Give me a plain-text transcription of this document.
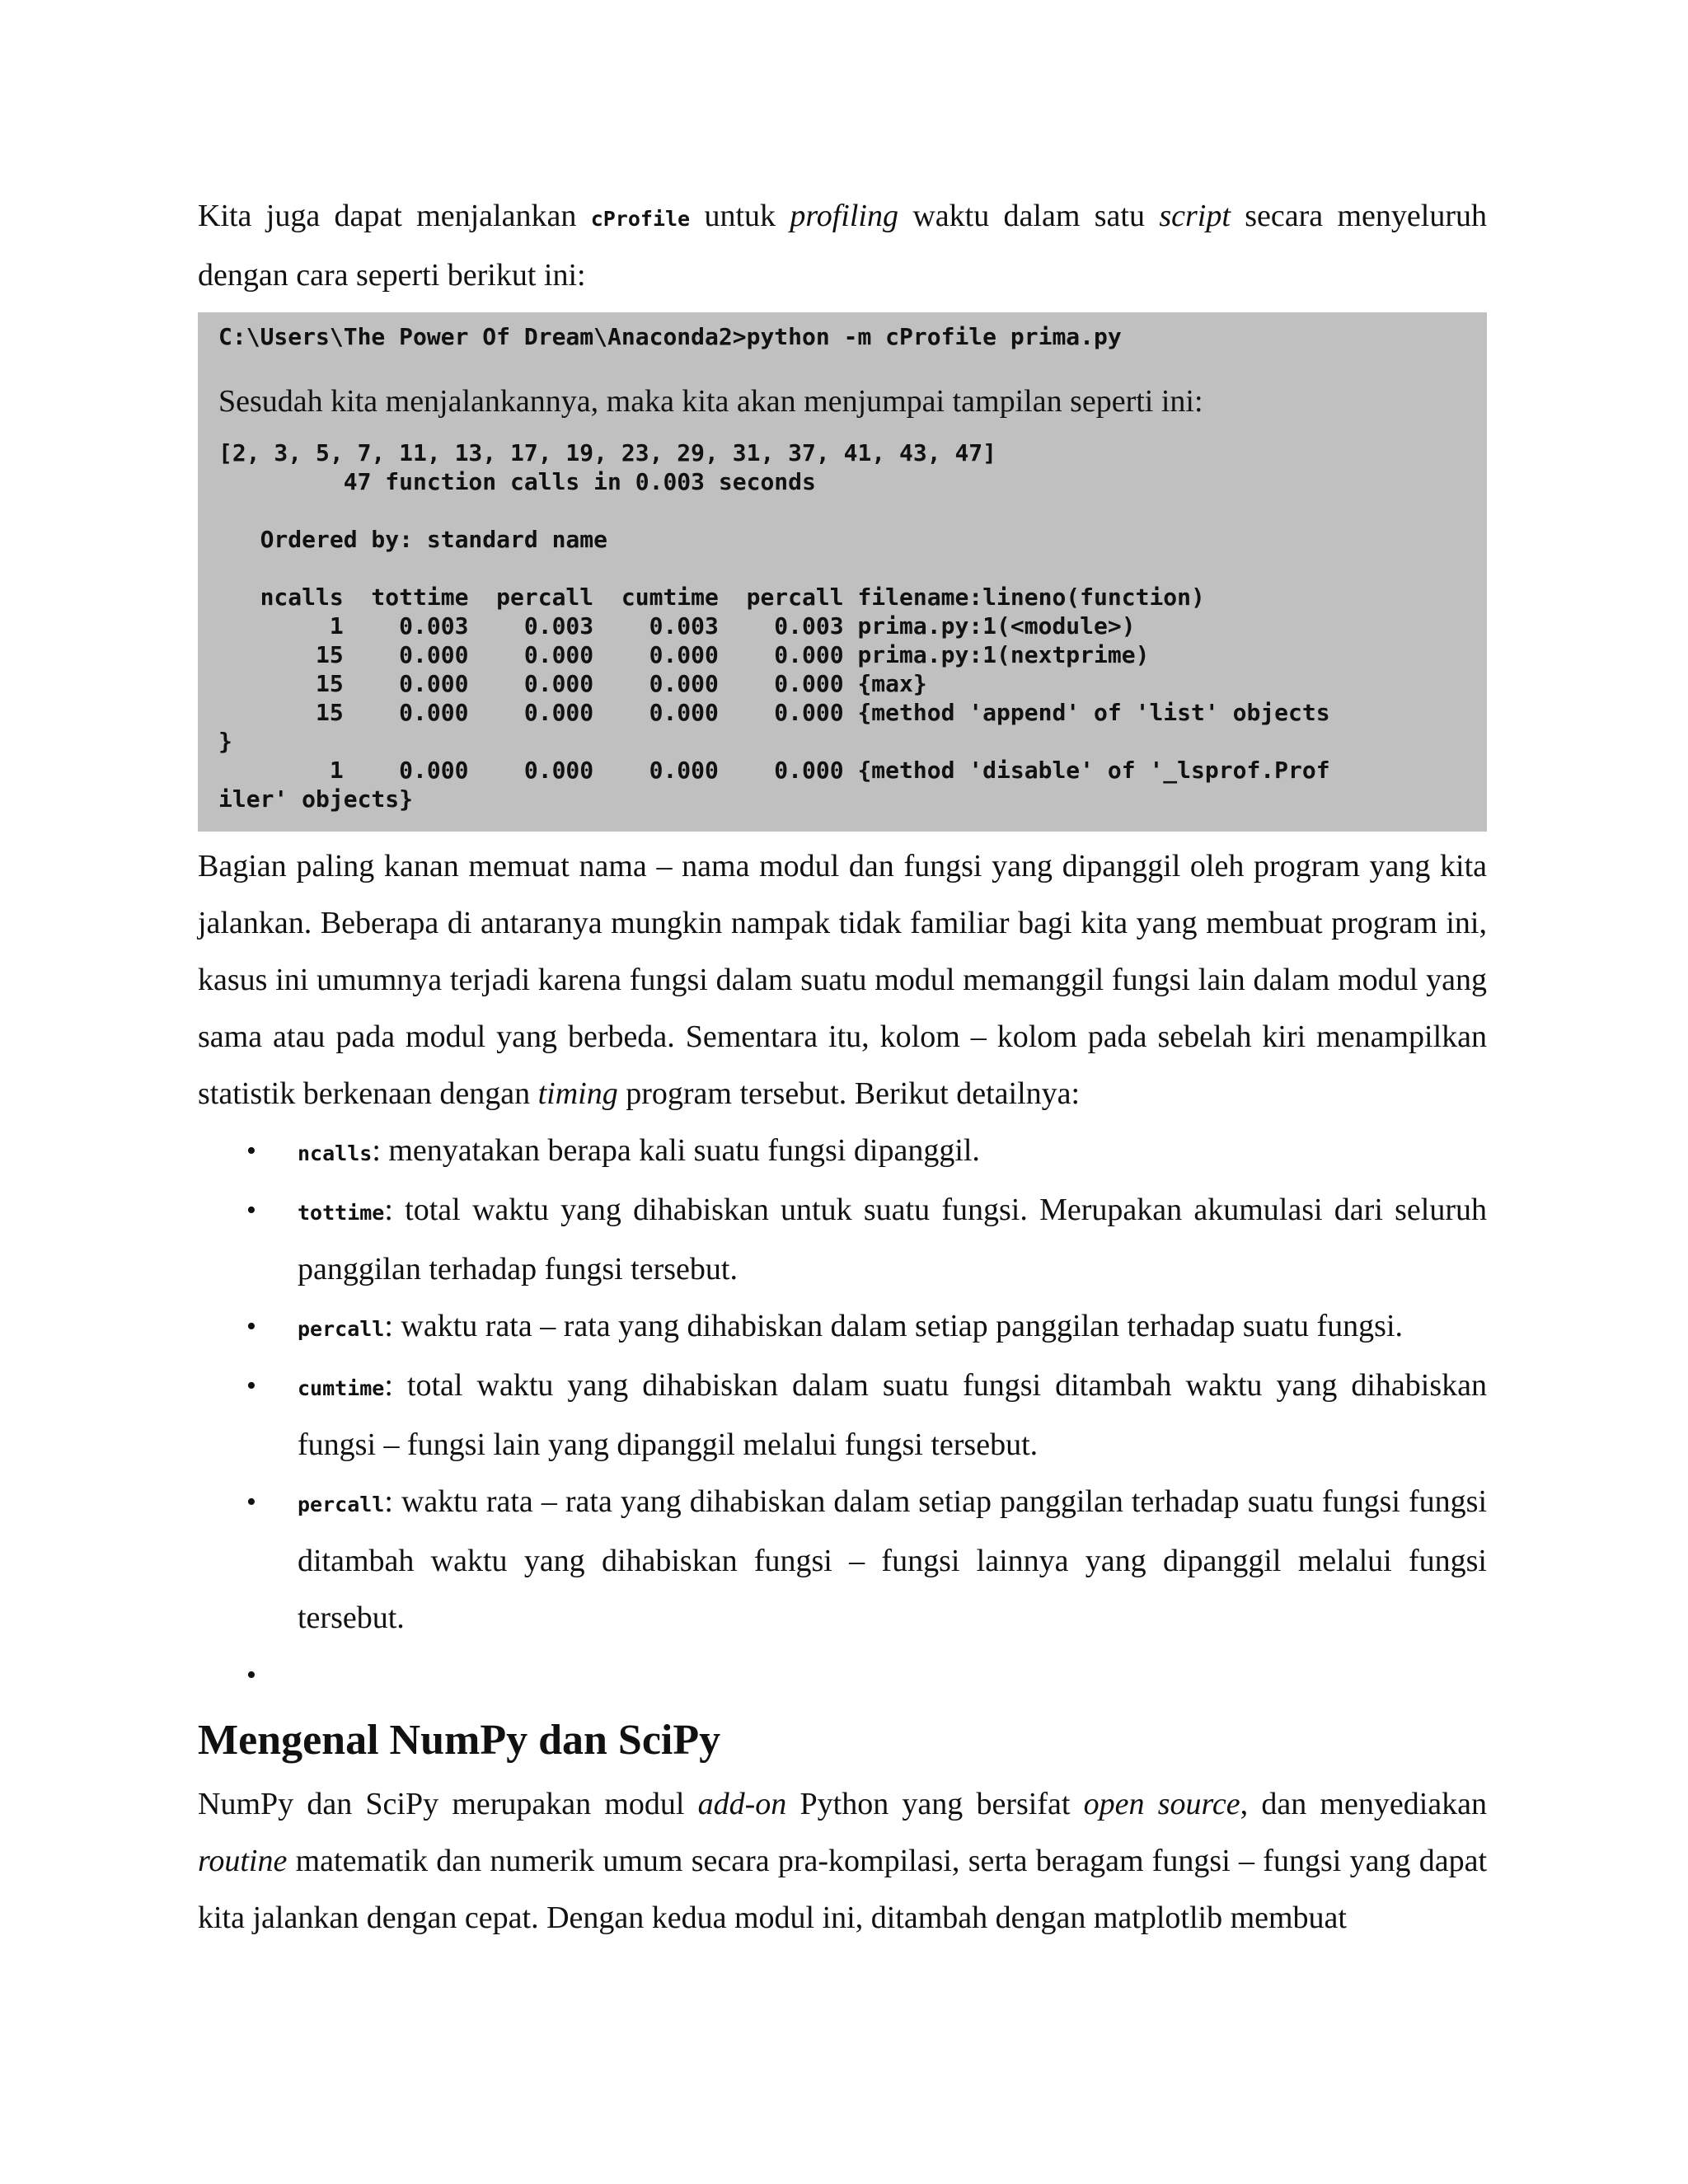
Kita juga dapat menjalankan cProfile untuk profiling waktu dalam satu script secara menyeluruh dengan cara seperti berikut ini:

C:\Users\The Power Of Dream\Anaconda2>python -m cProfile prima.py

Sesudah kita menjalankannya, maka kita akan menjumpai tampilan seperti ini:

[2, 3, 5, 7, 11, 13, 17, 19, 23, 29, 31, 37, 41, 43, 47]
47 function calls in 0.003 seconds

Ordered by: standard name

ncalls  tottime  percall  cumtime  percall filename:lineno(function)
1    0.003    0.003    0.003    0.003 prima.py:1(<module>)
15    0.000    0.000    0.000    0.000 prima.py:1(nextprime)
15    0.000    0.000    0.000    0.000 {max}
15    0.000    0.000    0.000    0.000 {method 'append' of 'list' objects
}
1    0.000    0.000    0.000    0.000 {method 'disable' of '_lsprof.Prof
iler' objects}

Bagian paling kanan memuat nama – nama modul dan fungsi yang dipanggil oleh program yang kita jalankan. Beberapa di antaranya mungkin nampak tidak familiar bagi kita yang membuat program ini, kasus ini umumnya terjadi karena fungsi dalam suatu modul memanggil fungsi lain dalam modul yang sama atau pada modul yang berbeda. Sementara itu, kolom – kolom pada sebelah kiri menampilkan statistik berkenaan dengan timing program tersebut. Berikut detailnya:

• ncalls: menyatakan berapa kali suatu fungsi dipanggil.
• tottime: total waktu yang dihabiskan untuk suatu fungsi. Merupakan akumulasi dari seluruh panggilan terhadap fungsi tersebut.
• percall: waktu rata – rata yang dihabiskan dalam setiap panggilan terhadap suatu fungsi.
• cumtime: total waktu yang dihabiskan dalam suatu fungsi ditambah waktu yang dihabiskan fungsi – fungsi lain yang dipanggil melalui fungsi tersebut.
• percall: waktu rata – rata yang dihabiskan dalam setiap panggilan terhadap suatu fungsi fungsi ditambah waktu yang dihabiskan fungsi – fungsi lainnya yang dipanggil melalui fungsi tersebut.
•

Mengenal NumPy dan SciPy

NumPy dan SciPy merupakan modul add-on Python yang bersifat open source, dan menyediakan routine matematik dan numerik umum secara pra-kompilasi, serta beragam fungsi – fungsi yang dapat kita jalankan dengan cepat. Dengan kedua modul ini, ditambah dengan matplotlib membuat
